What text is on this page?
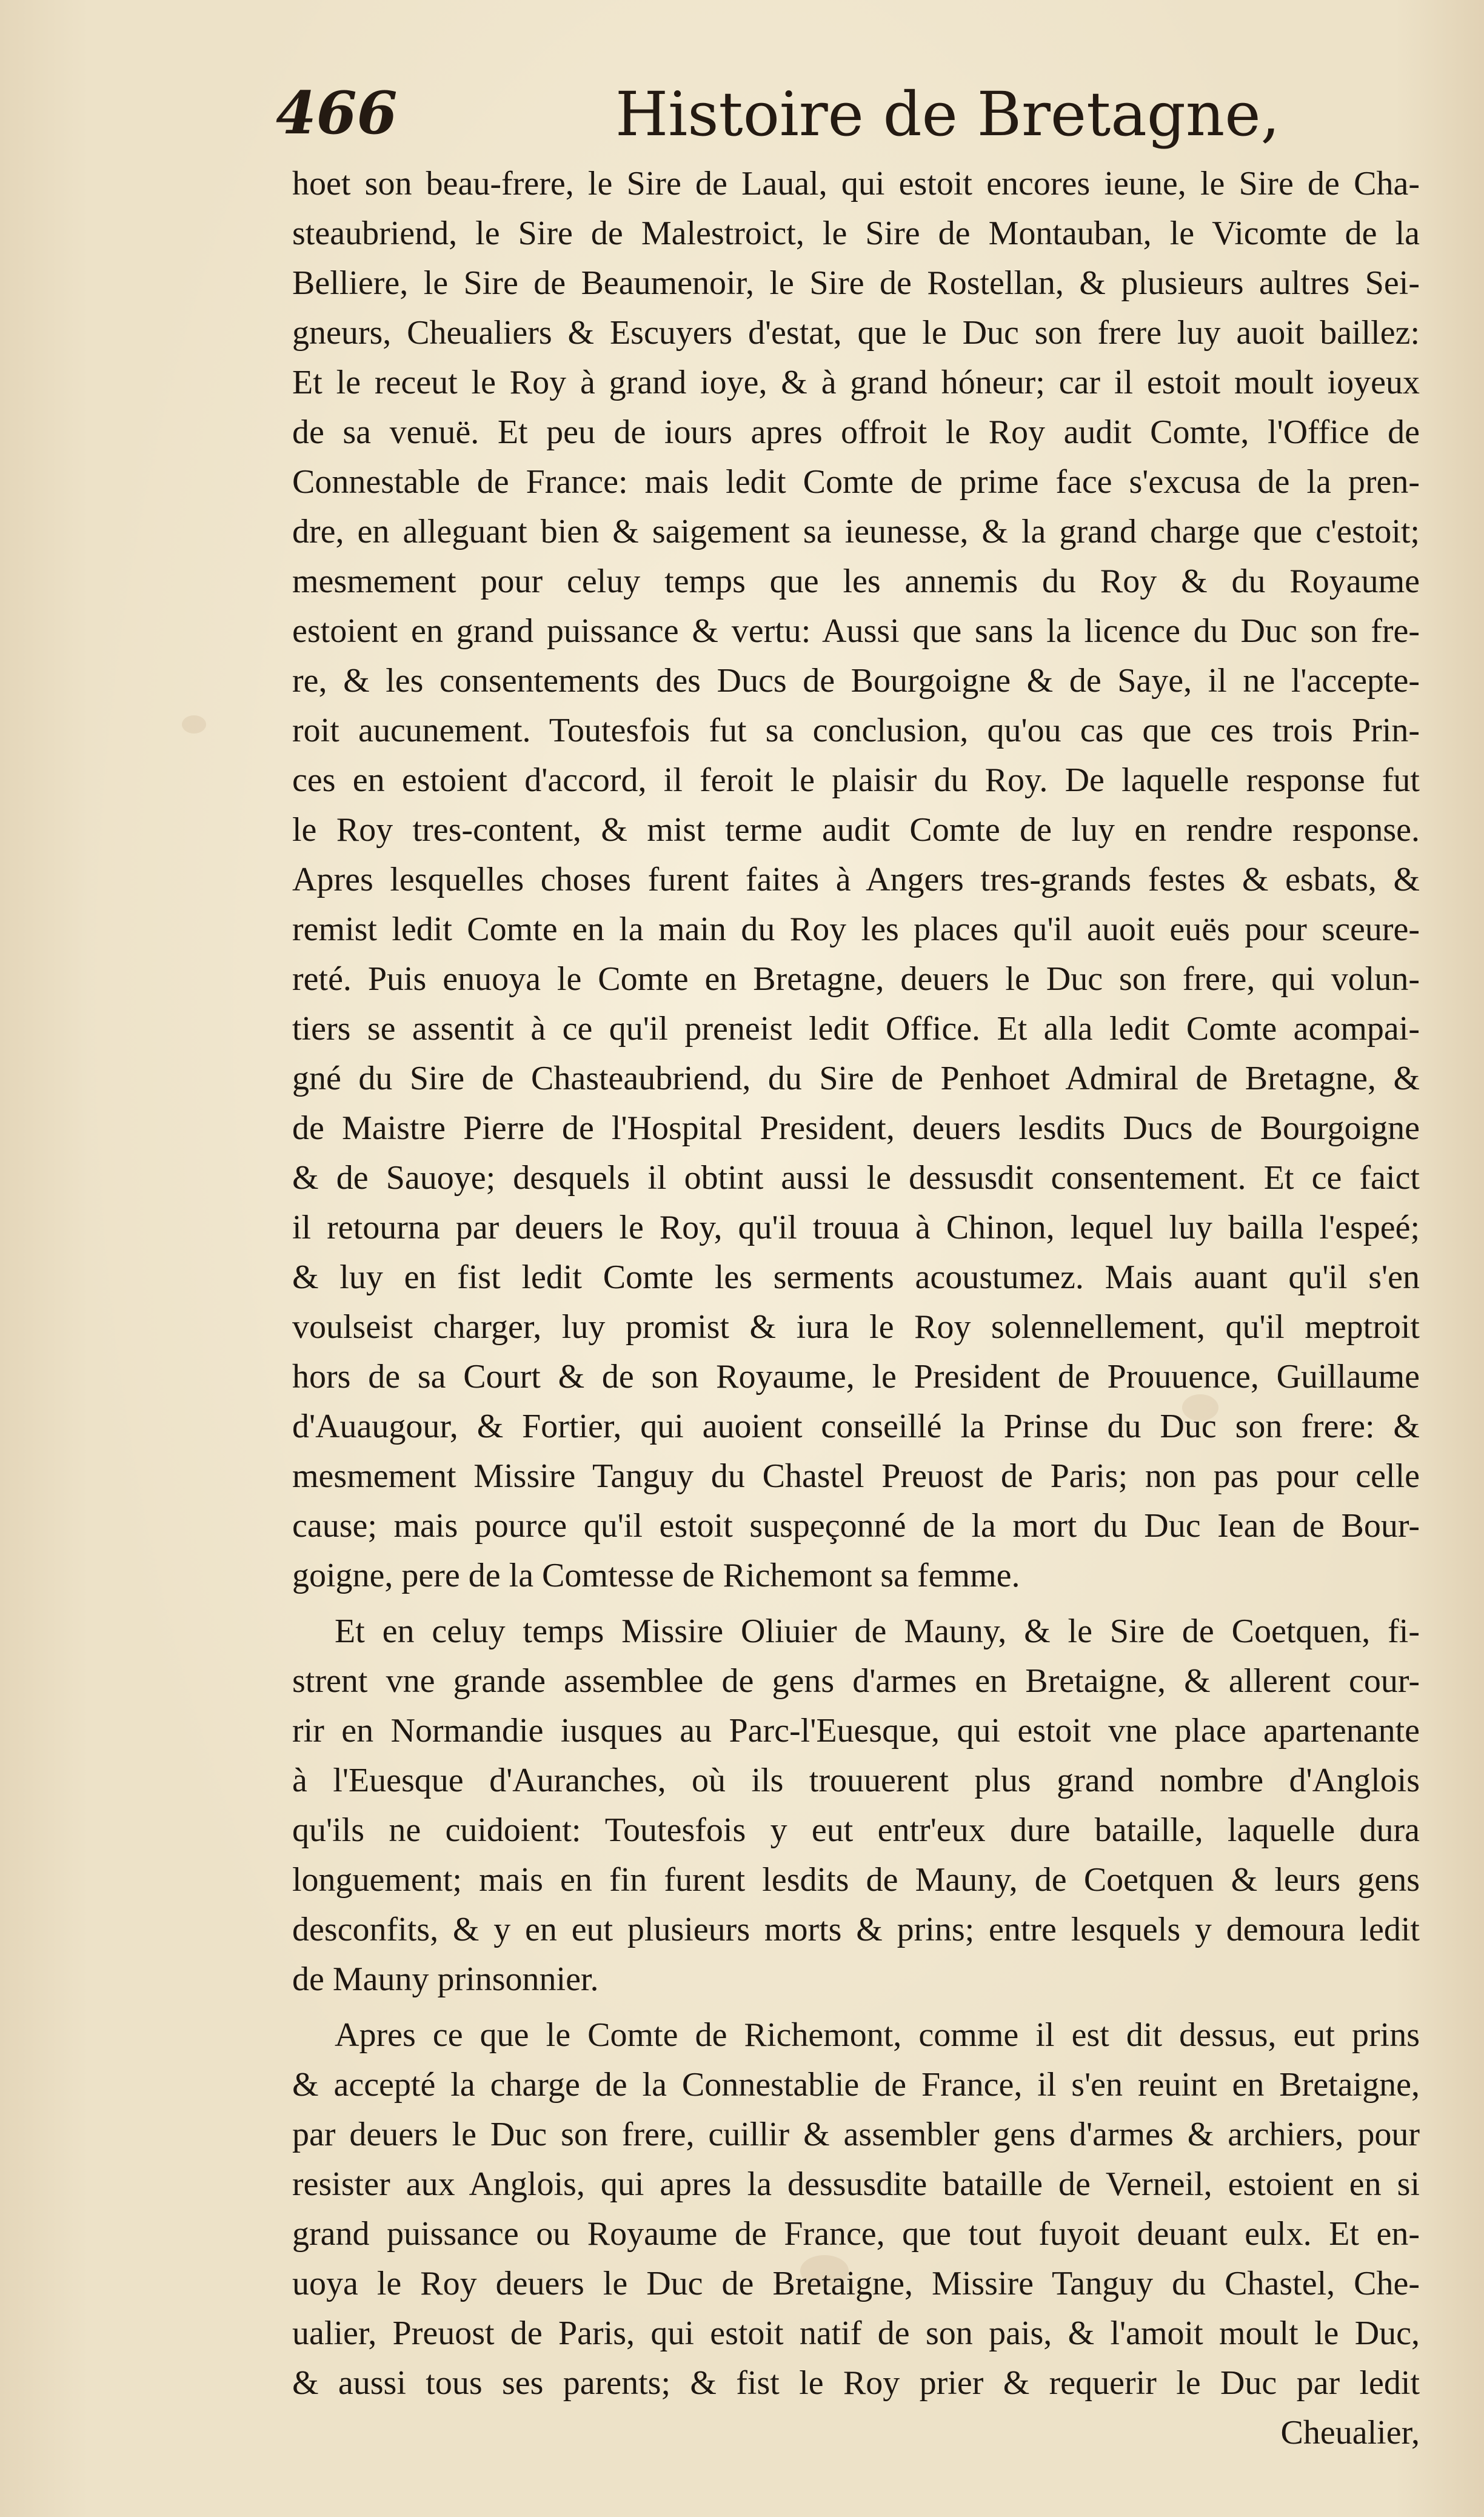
466	Histoire de Bretagne,
hoet son beau-frere, le Sire de Laual, qui estoit encores ieune, le Sire de Cha-
steaubriend, le Sire de Malestroict, le Sire de Montauban, le Vicomte de la
Belliere, le Sire de Beaumenoir, le Sire de Rostellan, & plusieurs aultres Sei-
gneurs, Cheualiers & Escuyers d'estat, que le Duc son frere luy auoit baillez:
Et le receut le Roy à grand ioye, & à grand hóneur; car il estoit moult ioyeux
de sa venuë. Et peu de iours apres offroit le Roy audit Comte, l'Office de
Connestable de France: mais ledit Comte de prime face s'excusa de la pren-
dre, en alleguant bien & saigement sa ieunesse, & la grand charge que c'estoit;
mesmement pour celuy temps que les annemis du Roy & du Royaume
estoient en grand puissance & vertu: Aussi que sans la licence du Duc son fre-
re, & les consentements des Ducs de Bourgoigne & de Saye, il ne l'accepte-
roit aucunement. Toutesfois fut sa conclusion, qu'ou cas que ces trois Prin-
ces en estoient d'accord, il feroit le plaisir du Roy. De laquelle response fut
le Roy tres-content, & mist terme audit Comte de luy en rendre response.
Apres lesquelles choses furent faites à Angers tres-grands festes & esbats, &
remist ledit Comte en la main du Roy les places qu'il auoit euës pour sceure-
reté. Puis enuoya le Comte en Bretagne, deuers le Duc son frere, qui volun-
tiers se assentit à ce qu'il preneist ledit Office. Et alla ledit Comte acompai-
gné du Sire de Chasteaubriend, du Sire de Penhoet Admiral de Bretagne, &
de Maistre Pierre de l'Hospital President, deuers lesdits Ducs de Bourgoigne
& de Sauoye; desquels il obtint aussi le dessusdit consentement. Et ce faict
il retourna par deuers le Roy, qu'il trouua à Chinon, lequel luy bailla l'espeé;
& luy en fist ledit Comte les serments acoustumez. Mais auant qu'il s'en
voulseist charger, luy promist & iura le Roy solennellement, qu'il meptroit
hors de sa Court & de son Royaume, le President de Prouuence, Guillaume
d'Auaugour, & Fortier, qui auoient conseillé la Prinse du Duc son frere: &
mesmement Missire Tanguy du Chastel Preuost de Paris; non pas pour celle
cause; mais pource qu'il estoit suspeçonné de la mort du Duc Iean de Bour-
goigne, pere de la Comtesse de Richemont sa femme.
Et en celuy temps Missire Oliuier de Mauny, & le Sire de Coetquen, fi-
strent vne grande assemblee de gens d'armes en Bretaigne, & allerent cour-
rir en Normandie iusques au Parc-l'Euesque, qui estoit vne place apartenante
à l'Euesque d'Auranches, où ils trouuerent plus grand nombre d'Anglois
qu'ils ne cuidoient: Toutesfois y eut entr'eux dure bataille, laquelle dura
longuement; mais en fin furent lesdits de Mauny, de Coetquen & leurs gens
desconfits, & y en eut plusieurs morts & prins; entre lesquels y demoura ledit
de Mauny prinsonnier.
Apres ce que le Comte de Richemont, comme il est dit dessus, eut prins
& accepté la charge de la Connestablie de France, il s'en reuint en Bretaigne,
par deuers le Duc son frere, cuillir & assembler gens d'armes & archiers, pour
resister aux Anglois, qui apres la dessusdite bataille de Verneil, estoient en si
grand puissance ou Royaume de France, que tout fuyoit deuant eulx. Et en-
uoya le Roy deuers le Duc de Bretaigne, Missire Tanguy du Chastel, Che-
ualier, Preuost de Paris, qui estoit natif de son pais, & l'amoit moult le Duc,
& aussi tous ses parents; & fist le Roy prier & requerir le Duc par ledit
Cheualier,
